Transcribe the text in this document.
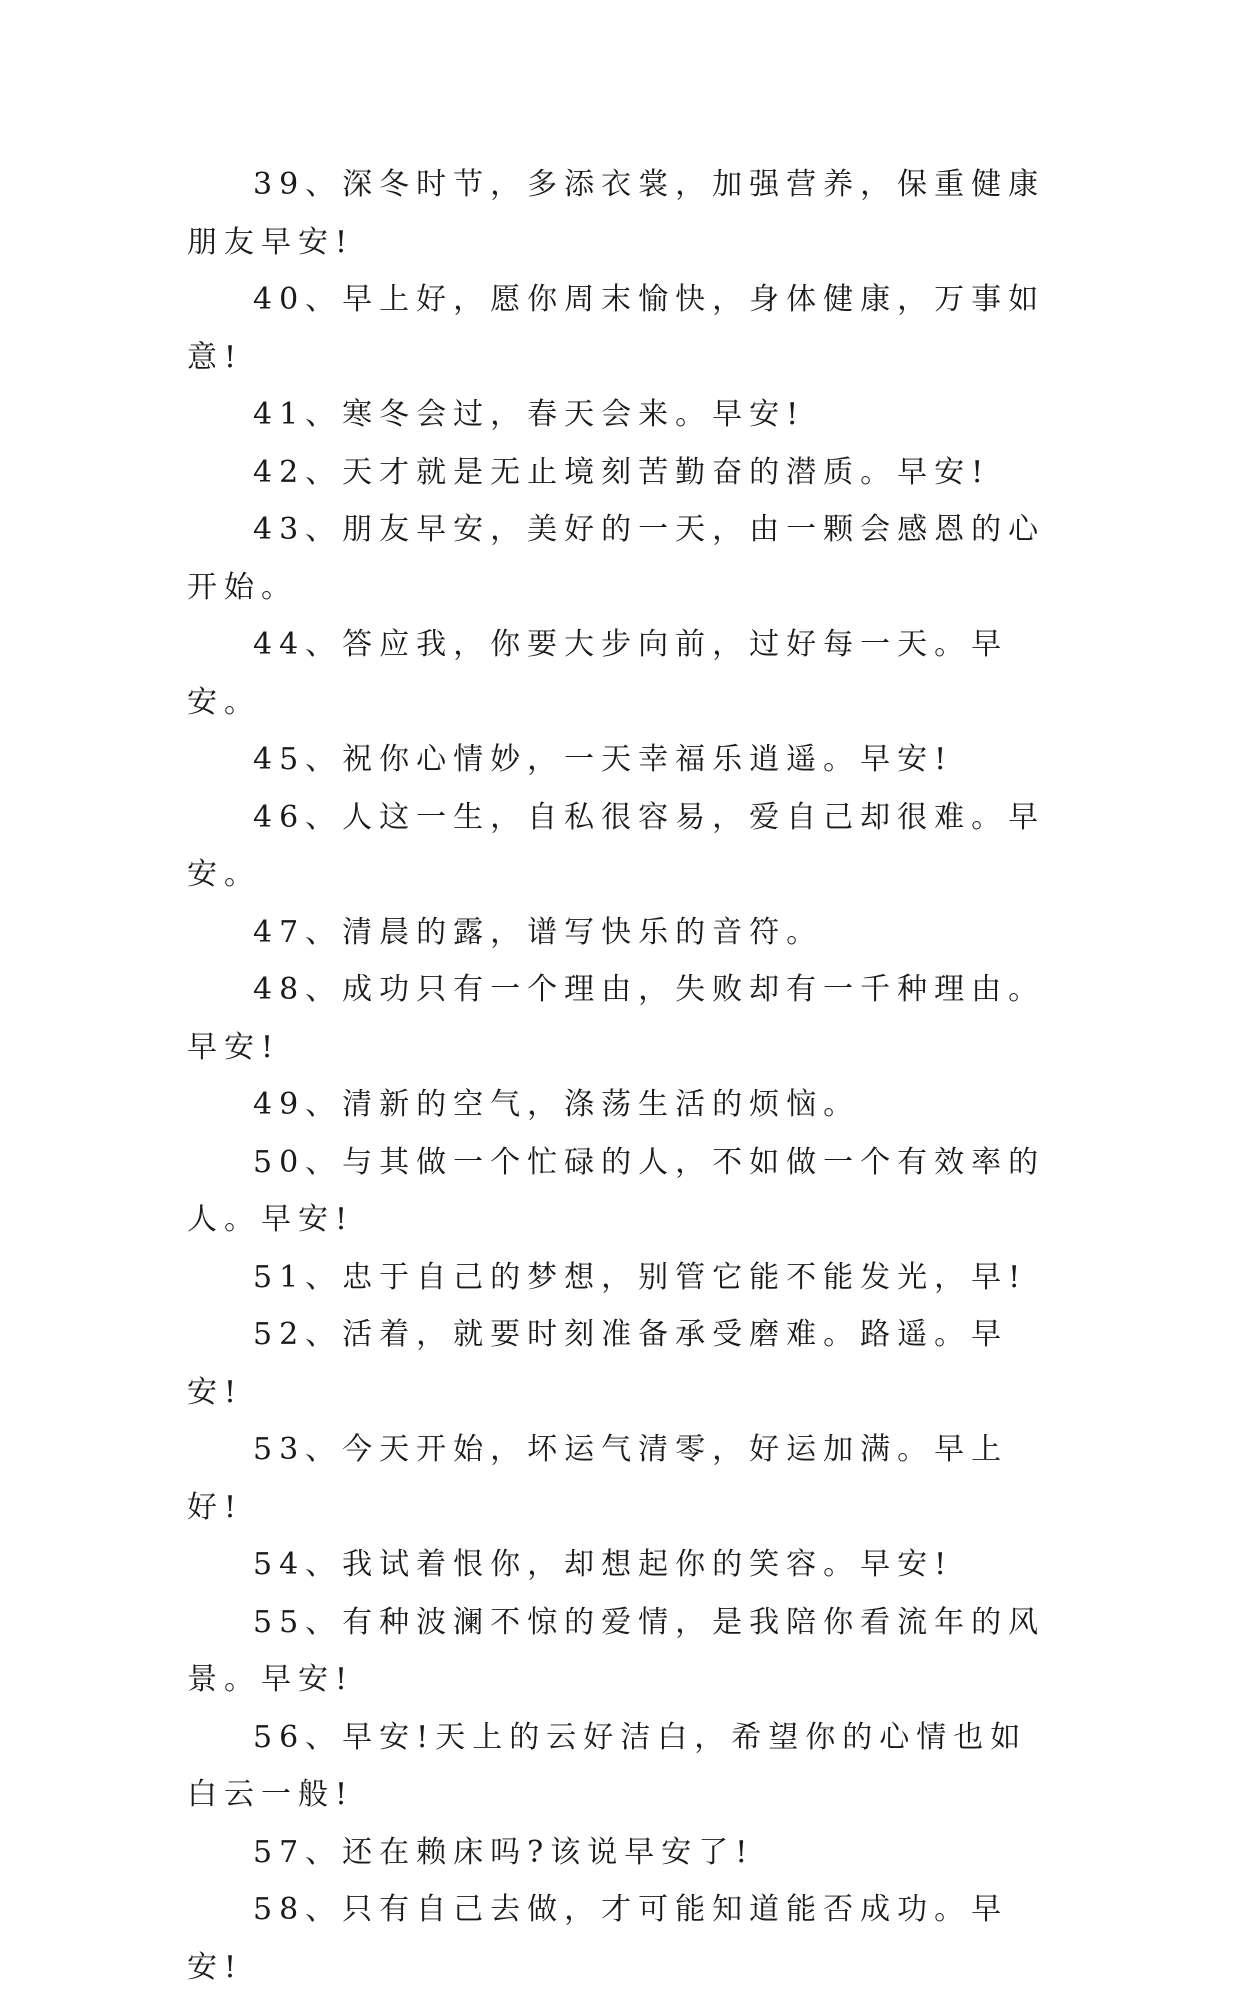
39、深冬时节，多添衣裳，加强营养，保重健康朋友早安!

40、早上好，愿你周末愉快，身体健康，万事如意!

41、寒冬会过，春天会来。早安!

42、天才就是无止境刻苦勤奋的潜质。早安!

43、朋友早安，美好的一天，由一颗会感恩的心开始。

44、答应我，你要大步向前，过好每一天。早安。

45、祝你心情妙，一天幸福乐逍遥。早安!

46、人这一生，自私很容易，爱自己却很难。早安。

47、清晨的露，谱写快乐的音符。

48、成功只有一个理由，失败却有一千种理由。早安!

49、清新的空气，涤荡生活的烦恼。

50、与其做一个忙碌的人，不如做一个有效率的人。早安!

51、忠于自己的梦想，别管它能不能发光，早!

52、活着，就要时刻准备承受磨难。路遥。早安!

53、今天开始，坏运气清零，好运加满。早上好!

54、我试着恨你，却想起你的笑容。早安!

55、有种波澜不惊的爱情，是我陪你看流年的风景。早安!

56、早安!天上的云好洁白，希望你的心情也如白云一般!

57、还在赖床吗?该说早安了!

58、只有自己去做，才可能知道能否成功。早安!
